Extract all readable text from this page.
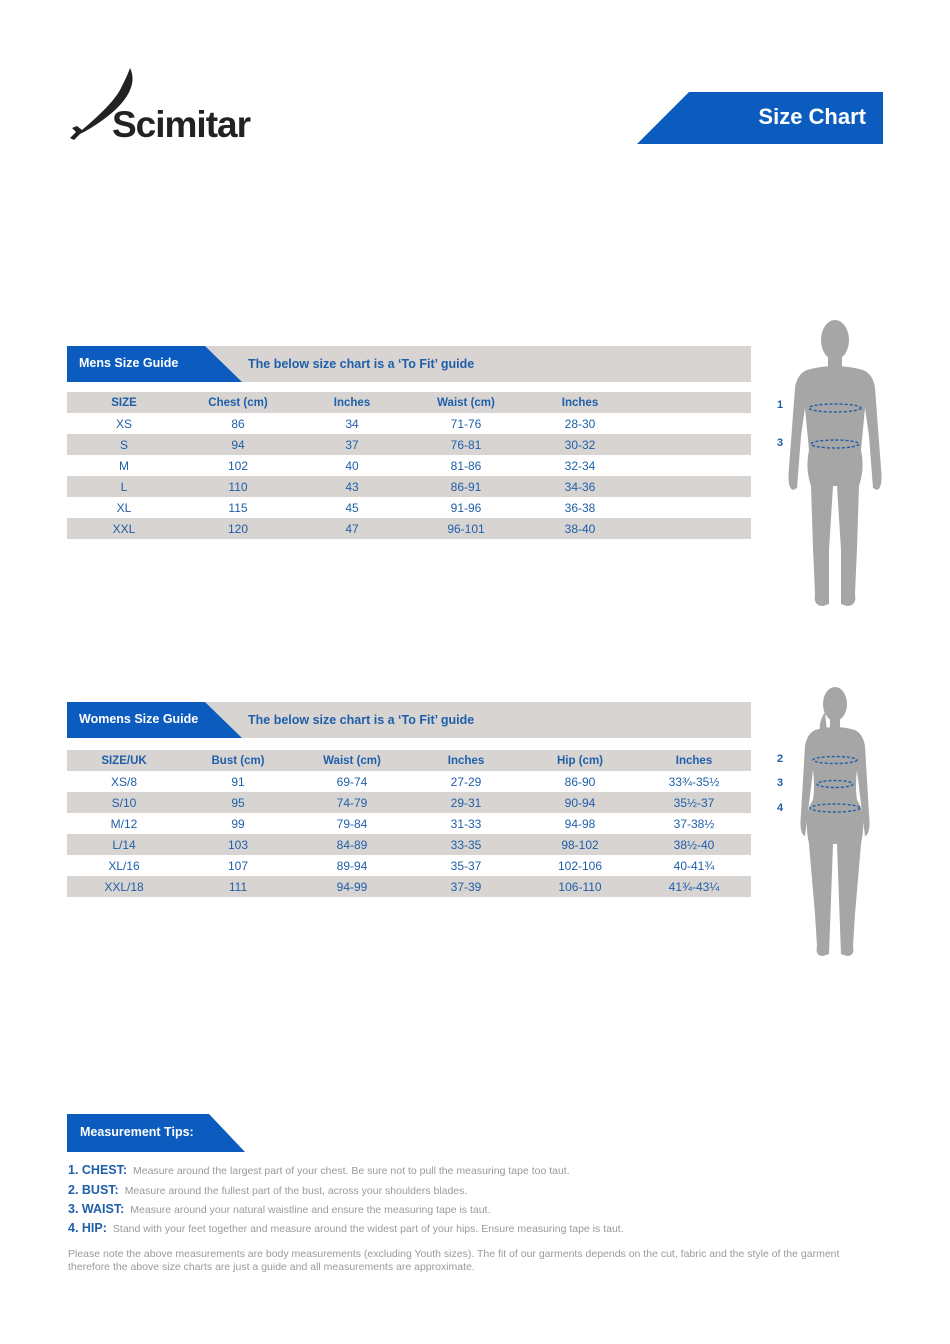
Scimitar	Size Chart
Mens Size Guide	The below size chart is a ‘To Fit’ guide
SIZE	Chest (cm)	Inches	Waist (cm)	Inches
XS	86	34	71-76	28-30
S	94	37	76-81	30-32
M	102	40	81-86	32-34
L	110	43	86-91	34-36
XL	115	45	91-96	36-38
XXL	120	47	96-101	38-40
1
3
Womens Size Guide	The below size chart is a ‘To Fit’ guide
SIZE/UK	Bust (cm)	Waist (cm)	Inches	Hip (cm)	Inches
XS/8	91	69-74	27-29	86-90	33¾-35½
S/10	95	74-79	29-31	90-94	35½-37
M/12	99	79-84	31-33	94-98	37-38½
L/14	103	84-89	33-35	98-102	38½-40
XL/16	107	89-94	35-37	102-106	40-41¾
XXL/18	111	94-99	37-39	106-110	41¾-43¼
2
3
4
Measurement Tips:
1. CHEST: Measure around the largest part of your chest. Be sure not to pull the measuring tape too taut.
2. BUST: Measure around the fullest part of the bust, across your shoulders blades.
3. WAIST: Measure around your natural waistline and ensure the measuring tape is taut.
4. HIP: Stand with your feet together and measure around the widest part of your hips. Ensure measuring tape is taut.
Please note the above measurements are body measurements (excluding Youth sizes). The fit of our garments depends on the cut, fabric and the style of the garment therefore the above size charts are just a guide and all measurements are approximate.
